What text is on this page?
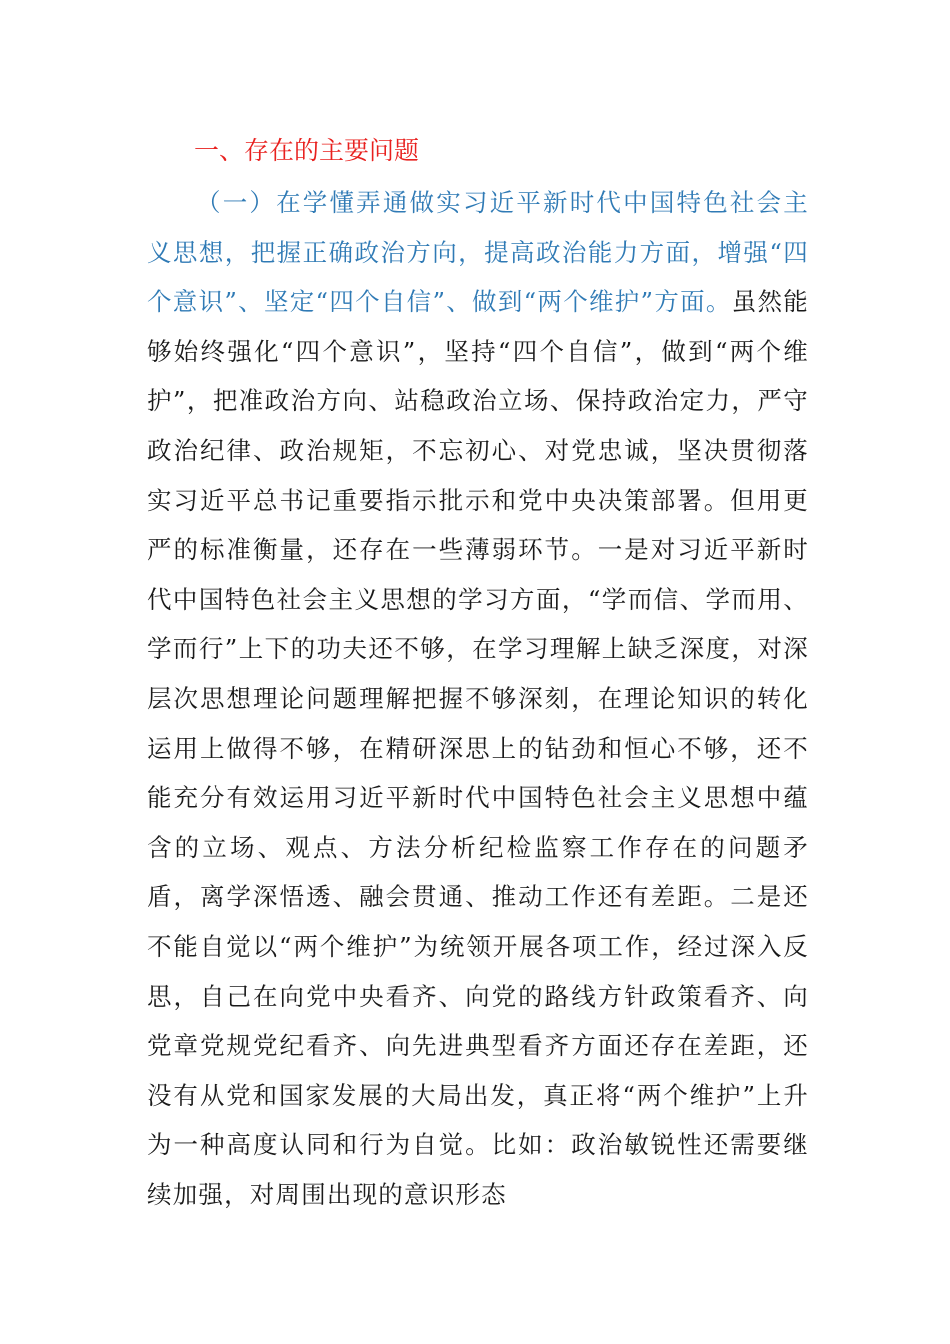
一、存在的主要问题

（一）在学懂弄通做实习近平新时代中国特色社会主义思想，把握正确政治方向，提高政治能力方面，增强“四个意识”、坚定“四个自信”、做到“两个维护”方面。虽然能够始终强化“四个意识”，坚持“四个自信”，做到“两个维护”，把准政治方向、站稳政治立场、保持政治定力，严守政治纪律、政治规矩，不忘初心、对党忠诚，坚决贯彻落实习近平总书记重要指示批示和党中央决策部署。但用更严的标准衡量，还存在一些薄弱环节。一是对习近平新时代中国特色社会主义思想的学习方面，“学而信、学而用、学而行”上下的功夫还不够，在学习理解上缺乏深度，对深层次思想理论问题理解把握不够深刻，在理论知识的转化运用上做得不够，在精研深思上的钻劲和恒心不够，还不能充分有效运用习近平新时代中国特色社会主义思想中蕴含的立场、观点、方法分析纪检监察工作存在的问题矛盾，离学深悟透、融会贯通、推动工作还有差距。二是还不能自觉以“两个维护”为统领开展各项工作，经过深入反思，自己在向党中央看齐、向党的路线方针政策看齐、向党章党规党纪看齐、向先进典型看齐方面还存在差距，还没有从党和国家发展的大局出发，真正将“两个维护”上升为一种高度认同和行为自觉。比如：政治敏锐性还需要继续加强，对周围出现的意识形态
